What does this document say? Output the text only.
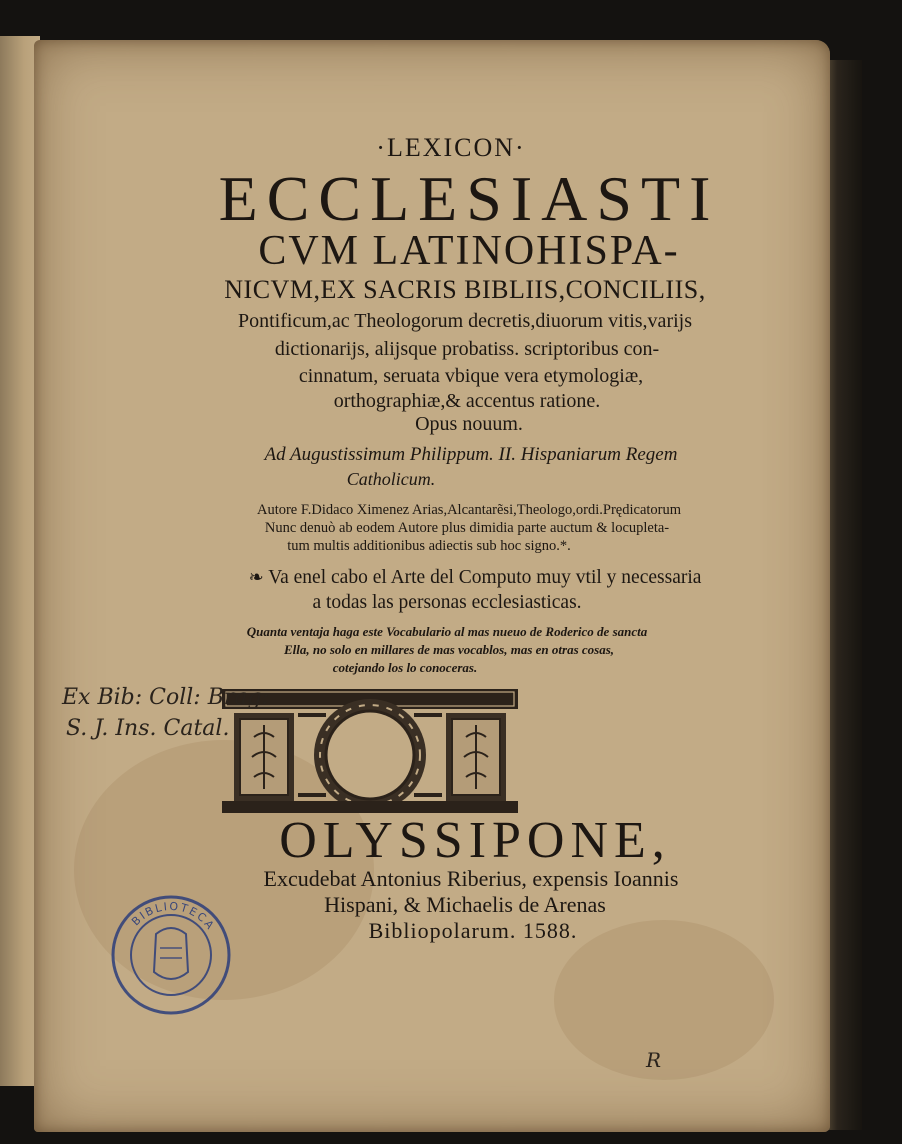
·LEXICON·
ECCLESIASTI
CVM LATINOHISPA-
NICVM,EX SACRIS BIBLIIS,CONCILIIS,
Pontificum,ac Theologorum decretis,diuorum vitis,varijs
dictionarijs, alijsque probatiss. scriptoribus con-
cinnatum, seruata vbique vera etymologiæ,
orthographiæ,& accentus ratione.
Opus nouum.
Ad Augustissimum Philippum. II. Hispaniarum Regem
Catholicum.
Autore F.Didaco Ximenez Arias,Alcantarẽsi,Theologo,ordi.Prędicatorum
Nunc denuò ab eodem Autore plus dimidia parte auctum & locupleta-
tum multis additionibus adiectis sub hoc signo.*.
❧ Va enel cabo el Arte del Computo muy vtil y necessaria
a todas las personas ecclesiasticas.
Quanta ventaja haga este Vocabulario al mas nueuo de Roderico de sancta
Ella, no solo en millares de mas vocablos, mas en otras cosas,
cotejando los lo conoceras.
Ex Bib: Coll: Brag:
S. J. Ins. Catal.
OLYSSIPONE,
Excudebat Antonius Riberius, expensis Ioannis
Hispani, & Michaelis de Arenas
Bibliopolarum. 1588.
BIBLIOTECA
R
